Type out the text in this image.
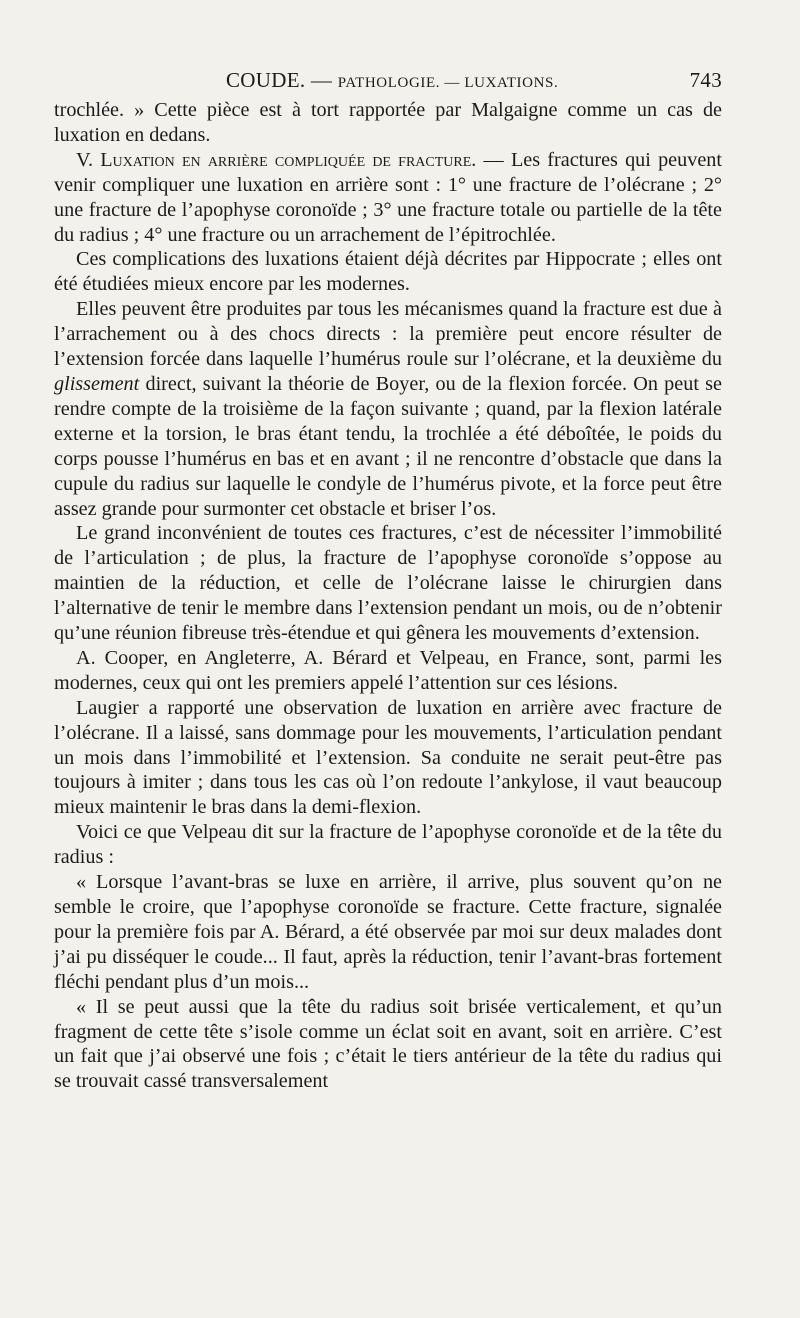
COUDE. — PATHOLOGIE. — LUXATIONS.	743

trochlée. » Cette pièce est à tort rapportée par Malgaigne comme un cas de luxation en dedans.

V. Luxation en arrière compliquée de fracture. — Les fractures qui peuvent venir compliquer une luxation en arrière sont : 1° une fracture de l’olécrane ; 2° une fracture de l’apophyse coronoïde ; 3° une fracture totale ou partielle de la tête du radius ; 4° une fracture ou un arrachement de l’épitrochlée.

Ces complications des luxations étaient déjà décrites par Hippocrate ; elles ont été étudiées mieux encore par les modernes.

Elles peuvent être produites par tous les mécanismes quand la fracture est due à l’arrachement ou à des chocs directs : la première peut encore résulter de l’extension forcée dans laquelle l’humérus roule sur l’olécrane, et la deuxième du glissement direct, suivant la théorie de Boyer, ou de la flexion forcée. On peut se rendre compte de la troisième de la façon suivante ; quand, par la flexion latérale externe et la torsion, le bras étant tendu, la trochlée a été déboîtée, le poids du corps pousse l’humérus en bas et en avant ; il ne rencontre d’obstacle que dans la cupule du radius sur laquelle le condyle de l’humérus pivote, et la force peut être assez grande pour surmonter cet obstacle et briser l’os.

Le grand inconvénient de toutes ces fractures, c’est de nécessiter l’immobilité de l’articulation ; de plus, la fracture de l’apophyse coronoïde s’oppose au maintien de la réduction, et celle de l’olécrane laisse le chirurgien dans l’alternative de tenir le membre dans l’extension pendant un mois, ou de n’obtenir qu’une réunion fibreuse très-étendue et qui gênera les mouvements d’extension.

A. Cooper, en Angleterre, A. Bérard et Velpeau, en France, sont, parmi les modernes, ceux qui ont les premiers appelé l’attention sur ces lésions.

Laugier a rapporté une observation de luxation en arrière avec fracture de l’olécrane. Il a laissé, sans dommage pour les mouvements, l’articulation pendant un mois dans l’immobilité et l’extension. Sa conduite ne serait peut-être pas toujours à imiter ; dans tous les cas où l’on redoute l’ankylose, il vaut beaucoup mieux maintenir le bras dans la demi-flexion.

Voici ce que Velpeau dit sur la fracture de l’apophyse coronoïde et de la tête du radius :

« Lorsque l’avant-bras se luxe en arrière, il arrive, plus souvent qu’on ne semble le croire, que l’apophyse coronoïde se fracture. Cette fracture, signalée pour la première fois par A. Bérard, a été observée par moi sur deux malades dont j’ai pu disséquer le coude... Il faut, après la réduction, tenir l’avant-bras fortement fléchi pendant plus d’un mois...

« Il se peut aussi que la tête du radius soit brisée verticalement, et qu’un fragment de cette tête s’isole comme un éclat soit en avant, soit en arrière. C’est un fait que j’ai observé une fois ; c’était le tiers antérieur de la tête du radius qui se trouvait cassé transversalement
